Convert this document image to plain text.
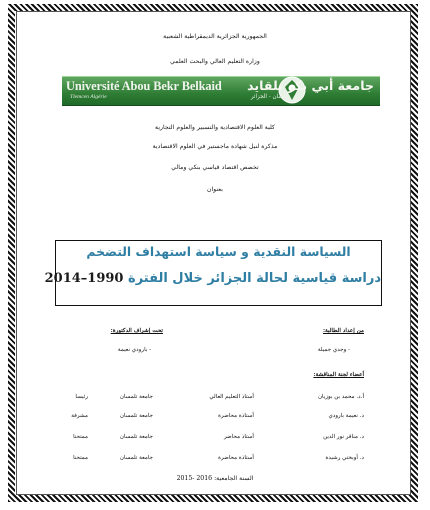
الجمهورية الجزائرية الديمقراطية الشعبية
وزارة التعليم العالي والبحث العلمي
Université Abou Bekr Belkaid
Tlemcen Algérie
جامعة أبي بكر بلقايد
تلمسان - الجزائر
كلية العلوم الاقتصادية والتسيير والعلوم التجارية
مذكرة لنيل شهادة ماجستير في العلوم الاقتصادية
تخصص اقتصاد قياسي بنكي ومالي
بعنوان
السياسة النقدية و سياسة استهداف التضخم
دراسة قياسية لحالة الجزائر خلال الفترة 1990–2014
من إعداد الطالبة:
تحت إشراف الدكتورة:
- وجدي جميلة
- بارودي نعيمة
أعضاء لجنة المناقشة:
أ.د. محمد بن بوزيان
أستاذ التعليم العالي
جامعة تلمسان
رئيسا
د. نعيمة بارودي
أستاذة محاضرة
جامعة تلمسان
مشرفة
د. مناقر نور الدين
أستاذ محاضر
جامعة تلمسان
ممتحنا
د. أوبختي رشيدة
أستاذة محاضرة
جامعة تلمسان
ممتحنا
السنة الجامعية: 2015- 2016
